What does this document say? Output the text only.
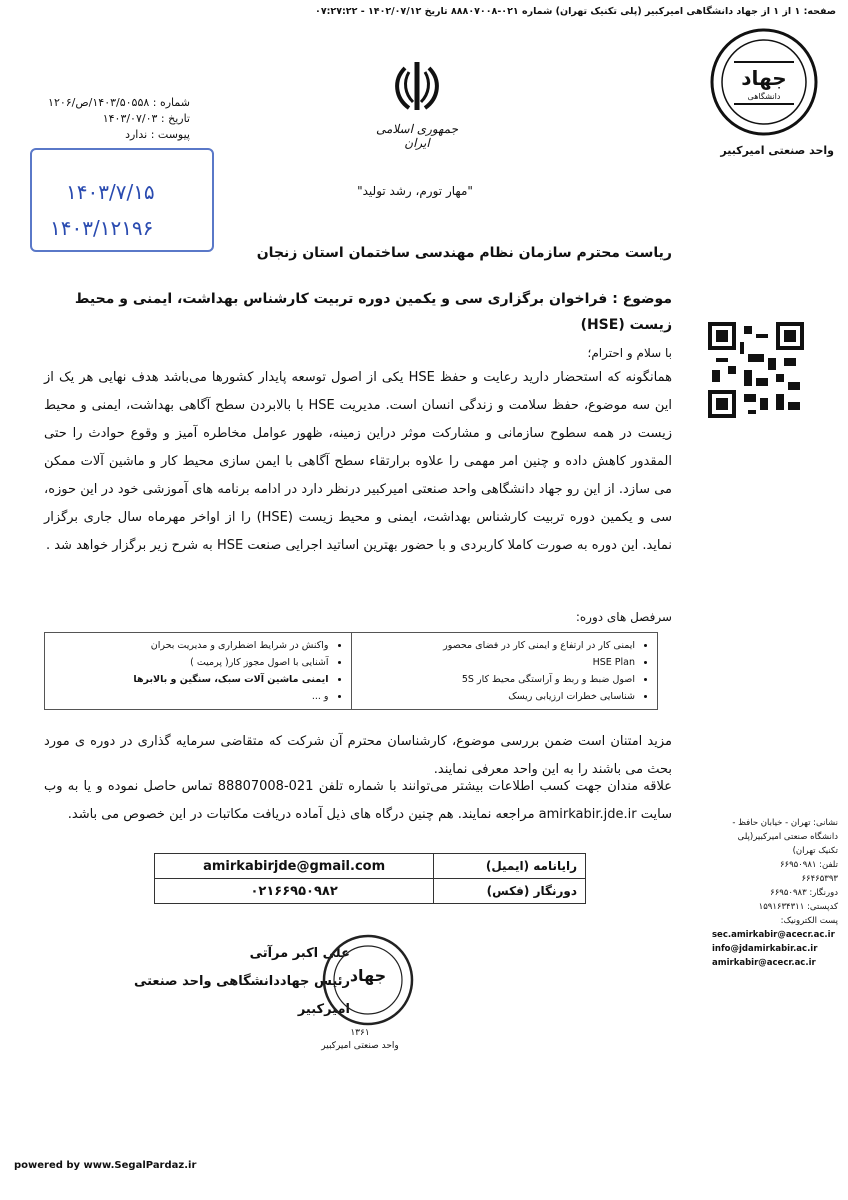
صفحه: ۱ از ۱ از جهاد دانشگاهی امیرکبیر (پلی تکنیک تهران) شماره ۰۲۱-۸۸۸۰۷۰۰۸ تاریخ ۱۴۰۲/۰۷/۱۲ - ۰۷:۲۷:۲۲
جمهوری اسلامی ایران
"مهار تورم، رشد تولید"
شماره : ۱۴۰۳/۵۰۵۵۸/ص/۱۲۰۶
تاریخ : ۱۴۰۳/۰۷/۰۳
پیوست : ندارد
۱۴۰۳/۷/۱۵
۱۴۰۳/۱۲۱۹۶
جهاد
دانشگاهی
واحد صنعتی امیرکبیر
ریاست محترم سازمان نظام مهندسی ساختمان استان زنجان
موضوع : فراخوان برگزاری سی و یکمین دوره تربیت کارشناس بهداشت، ایمنی و محیط زیست (HSE)
با سلام و احترام؛
همانگونه که استحضار دارید رعایت و حفظ HSE یکی از اصول توسعه پایدار کشورها می‌باشد هدف نهایی هر یک از این سه موضوع، حفظ سلامت و زندگی انسان است. مدیریت HSE با بالابردن سطح آگاهی بهداشت، ایمنی و محیط زیست در همه سطوح سازمانی و مشارکت موثر دراین زمینه، ظهور عوامل مخاطره آمیز و وقوع حوادث را حتی المقدور کاهش داده و چنین امر مهمی را علاوه برارتقاء سطح آگاهی با ایمن سازی محیط کار و ماشین آلات ممکن می سازد. از این رو جهاد دانشگاهی واحد صنعتی امیرکبیر درنظر دارد در ادامه برنامه های آموزشی خود در این حوزه، سی و یکمین دوره تربیت کارشناس بهداشت، ایمنی و محیط زیست (HSE) را از اواخر مهرماه سال جاری برگزار نماید. این دوره به صورت کاملا کاربردی و با حضور بهترین اساتید اجرایی صنعت HSE به شرح زیر برگزار خواهد شد .
سرفصل های دوره:
• ایمنی کار در ارتفاع و ایمنی کار در فضای محصور
• HSE Plan
• اصول ضبط و ربط و آراستگی محیط کار 5S
• شناسایی خطرات ارزیابی ریسک

• واکنش در شرایط اضطراری و مدیریت بحران
• آشنایی با اصول مجوز کار( پرمیت )
• ایمنی ماشین آلات سبک، سنگین و بالابرها
• و ...
مزید امتنان است ضمن بررسی موضوع، کارشناسان محترم آن شرکت که متقاضی سرمایه گذاری در دوره ی مورد بحث می باشند را به این واحد معرفی نمایند.
علاقه مندان جهت کسب اطلاعات بیشتر می‌توانند با شماره تلفن 021-88807008 تماس حاصل نموده و یا به وب سایت amirkabir.jde.ir مراجعه نمایند. هم چنین درگاه های ذیل آماده دریافت مکاتبات در این خصوص می باشد.
رایانامه (ایمیل)	amirkabirjde@gmail.com
دورنگار (فکس)	۰۲۱۶۶۹۵۰۹۸۲
علی اکبر مرآتی
رئیس جهاددانشگاهی واحد صنعتی امیرکبیر
جهاد
۱۳۶۱
واحد صنعتی امیرکبیر
نشانی: تهران - خیابان حافظ -
دانشگاه صنعتی امیرکبیر(پلی
تکنیک تهران)
تلفن: ۶۶۹۵۰۹۸۱
۶۶۴۶۵۳۹۳
دورنگار: ۶۶۹۵۰۹۸۳
کدپستی: ۱۵۹۱۶۳۴۳۱۱
پست الکترونیک:
sec.amirkabir@acecr.ac.ir
info@jdamirkabir.ac.ir
amirkabir@acecr.ac.ir
powered by www.SegalPardaz.ir
